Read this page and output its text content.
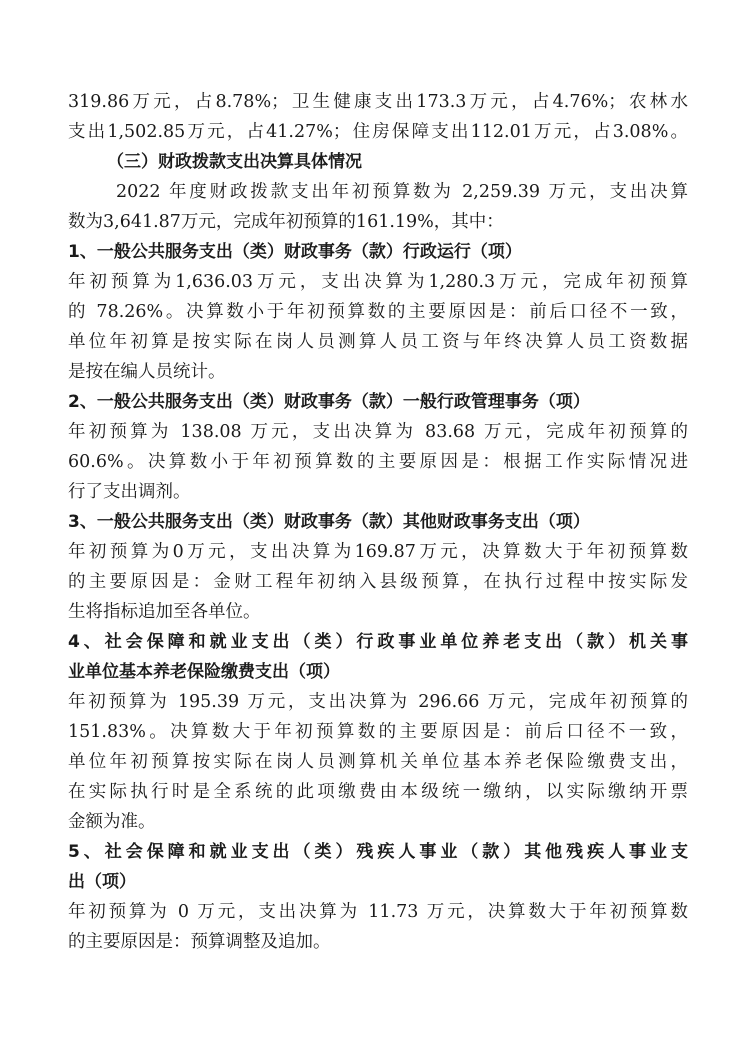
319.86万元，占8.78%；卫生健康支出173.3万元，占4.76%；农林水
支出1,502.85万元，占41.27%；住房保障支出112.01万元，占3.08%。
（三）财政拨款支出决算具体情况
2022 年度财政拨款支出年初预算数为 2,259.39 万元，支出决算
数为3,641.87万元，完成年初预算的161.19%，其中：
1、一般公共服务支出（类）财政事务（款）行政运行（项）
年初预算为1,636.03万元，支出决算为1,280.3万元，完成年初预算
的 78.26%。决算数小于年初预算数的主要原因是：前后口径不一致，
单位年初算是按实际在岗人员测算人员工资与年终决算人员工资数据
是按在编人员统计。
2、一般公共服务支出（类）财政事务（款）一般行政管理事务（项）
年初预算为 138.08 万元，支出决算为 83.68 万元，完成年初预算的
60.6%。决算数小于年初预算数的主要原因是：根据工作实际情况进
行了支出调剂。
3、一般公共服务支出（类）财政事务（款）其他财政事务支出（项）
年初预算为0万元，支出决算为169.87万元，决算数大于年初预算数
的主要原因是：金财工程年初纳入县级预算，在执行过程中按实际发
生将指标追加至各单位。
4、社会保障和就业支出（类）行政事业单位养老支出（款）机关事
业单位基本养老保险缴费支出（项）
年初预算为 195.39 万元，支出决算为 296.66 万元，完成年初预算的
151.83%。决算数大于年初预算数的主要原因是：前后口径不一致，
单位年初预算按实际在岗人员测算机关单位基本养老保险缴费支出，
在实际执行时是全系统的此项缴费由本级统一缴纳，以实际缴纳开票
金额为准。
5、社会保障和就业支出（类）残疾人事业（款）其他残疾人事业支
出（项）
年初预算为 0 万元，支出决算为 11.73 万元，决算数大于年初预算数
的主要原因是：预算调整及追加。
